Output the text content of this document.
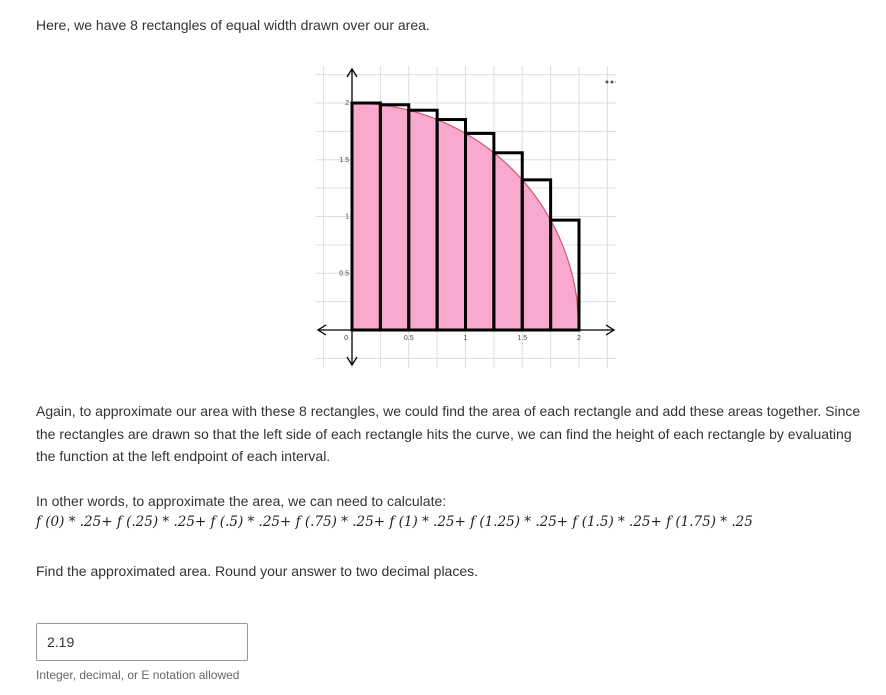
Here, we have 8 rectangles of equal width drawn over our area.

0	0.5	1	1.5	2
2
1.5
1
0.5

Again, to approximate our area with these 8 rectangles, we could find the area of each rectangle and add these areas together. Since the rectangles are drawn so that the left side of each rectangle hits the curve, we can find the height of each rectangle by evaluating the function at the left endpoint of each interval.

In other words, to approximate the area, we can need to calculate:

f (0) * .25+ f (.25) * .25+ f (.5) * .25+ f (.75) * .25+ f (1) * .25+ f (1.25) * .25+ f (1.5) * .25+ f (1.75) * .25

Find the approximated area. Round your answer to two decimal places.

2.19
Integer, decimal, or E notation allowed
